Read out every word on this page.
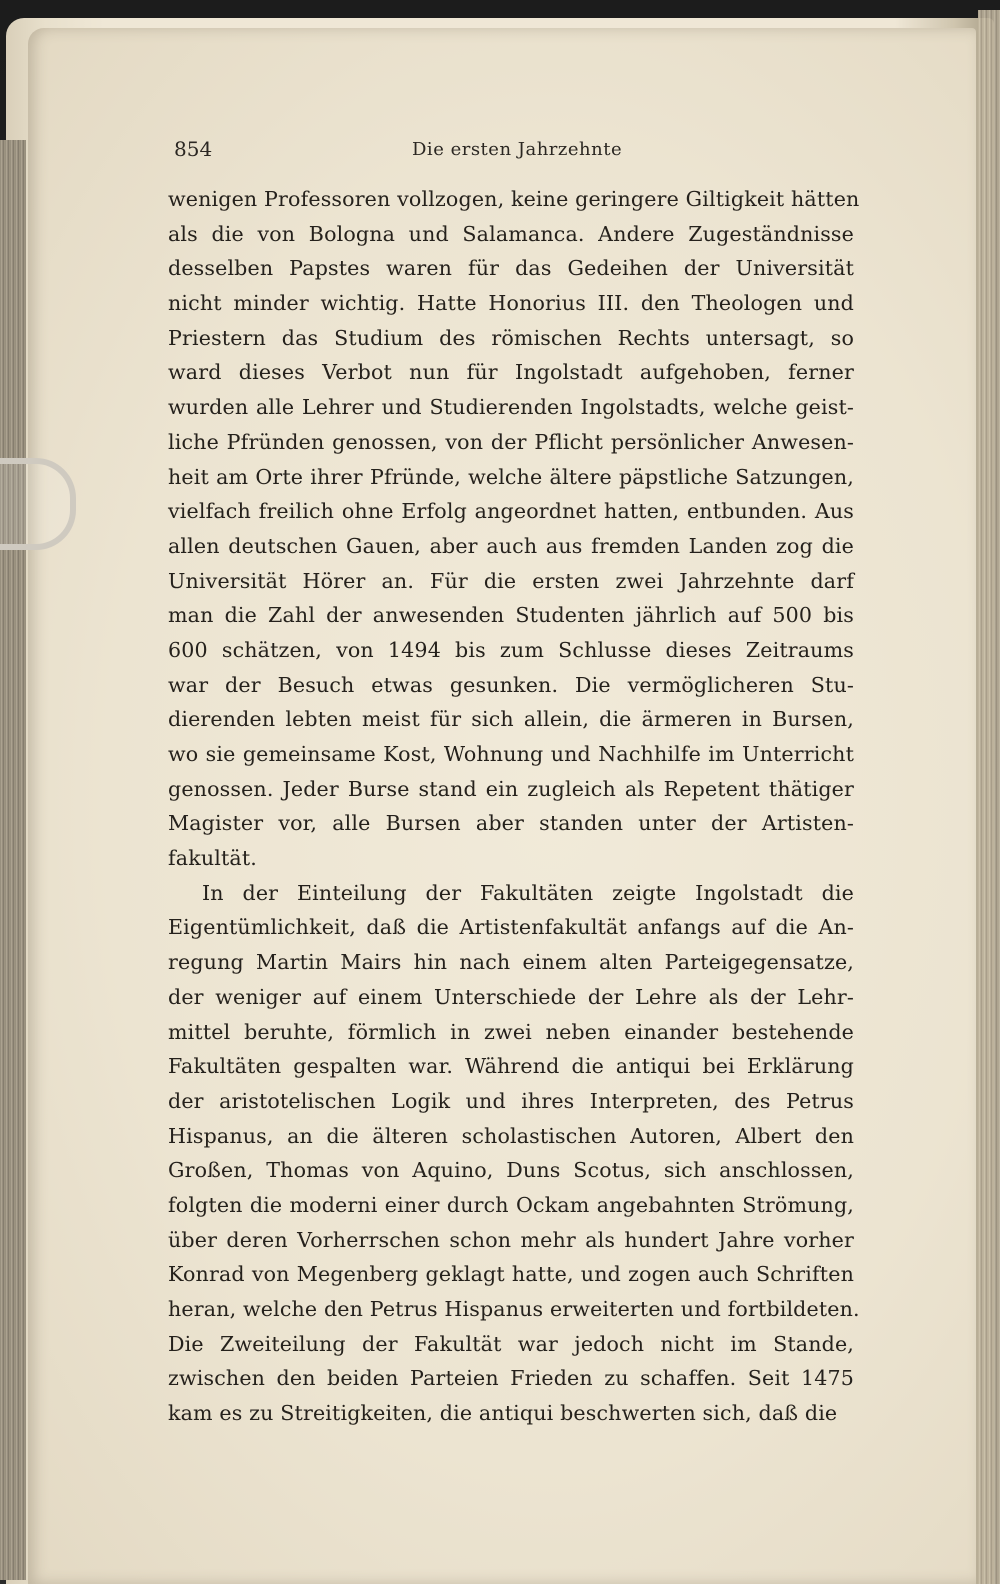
854	Die ersten Jahrzehnte
wenigen Professoren vollzogen, keine geringere Giltigkeit hätten
als die von Bologna und Salamanca. Andere Zugeständnisse
desselben Papstes waren für das Gedeihen der Universität
nicht minder wichtig. Hatte Honorius III. den Theologen und
Priestern das Studium des römischen Rechts untersagt, so
ward dieses Verbot nun für Ingolstadt aufgehoben, ferner
wurden alle Lehrer und Studierenden Ingolstadts, welche geist-
liche Pfründen genossen, von der Pflicht persönlicher Anwesen-
heit am Orte ihrer Pfründe, welche ältere päpstliche Satzungen,
vielfach freilich ohne Erfolg angeordnet hatten, entbunden. Aus
allen deutschen Gauen, aber auch aus fremden Landen zog die
Universität Hörer an. Für die ersten zwei Jahrzehnte darf
man die Zahl der anwesenden Studenten jährlich auf 500 bis
600 schätzen, von 1494 bis zum Schlusse dieses Zeitraums
war der Besuch etwas gesunken. Die vermöglicheren Stu-
dierenden lebten meist für sich allein, die ärmeren in Bursen,
wo sie gemeinsame Kost, Wohnung und Nachhilfe im Unterricht
genossen. Jeder Burse stand ein zugleich als Repetent thätiger
Magister vor, alle Bursen aber standen unter der Artisten-
fakultät.
In der Einteilung der Fakultäten zeigte Ingolstadt die
Eigentümlichkeit, daß die Artistenfakultät anfangs auf die An-
regung Martin Mairs hin nach einem alten Parteigegensatze,
der weniger auf einem Unterschiede der Lehre als der Lehr-
mittel beruhte, förmlich in zwei neben einander bestehende
Fakultäten gespalten war. Während die antiqui bei Erklärung
der aristotelischen Logik und ihres Interpreten, des Petrus
Hispanus, an die älteren scholastischen Autoren, Albert den
Großen, Thomas von Aquino, Duns Scotus, sich anschlossen,
folgten die moderni einer durch Ockam angebahnten Strömung,
über deren Vorherrschen schon mehr als hundert Jahre vorher
Konrad von Megenberg geklagt hatte, und zogen auch Schriften
heran, welche den Petrus Hispanus erweiterten und fortbildeten.
Die Zweiteilung der Fakultät war jedoch nicht im Stande,
zwischen den beiden Parteien Frieden zu schaffen. Seit 1475
kam es zu Streitigkeiten, die antiqui beschwerten sich, daß die
